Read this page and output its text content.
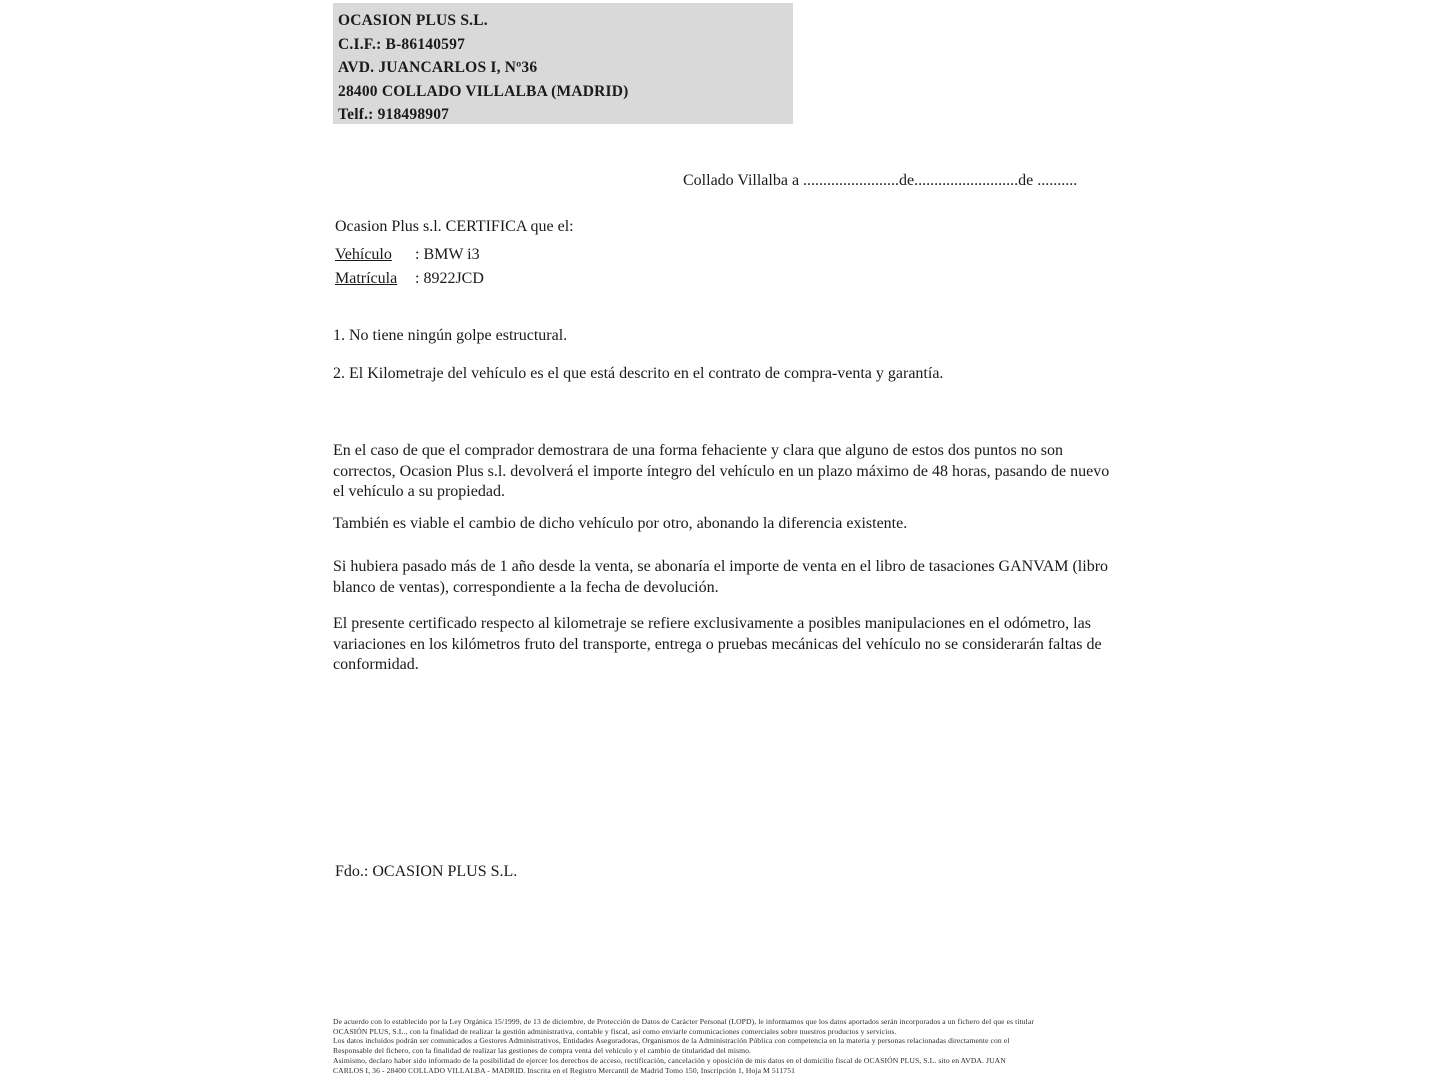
OCASION PLUS S.L.
C.I.F.: B-86140597
AVD. JUANCARLOS I, Nº36
28400 COLLADO VILLALBA (MADRID)
Telf.: 918498907
Collado Villalba a ........................de..........................de ..........
Ocasion Plus s.l. CERTIFICA que el:
Vehículo : BMW i3
Matrícula : 8922JCD
1. No tiene ningún golpe estructural.
2. El Kilometraje del vehículo es el que está descrito en el contrato de compra-venta y garantía.
En el caso de que el comprador demostrara de una forma fehaciente y clara que alguno de estos dos puntos no son correctos, Ocasion Plus s.l. devolverá el importe íntegro del vehículo en un plazo máximo de 48 horas, pasando de nuevo el vehículo a su propiedad.
También es viable el cambio de dicho vehículo por otro, abonando la diferencia existente.
Si hubiera pasado más de 1 año desde la venta, se abonaría el importe de venta en el libro de tasaciones GANVAM (libro blanco de ventas), correspondiente a la fecha de devolución.
El presente certificado respecto al kilometraje se refiere exclusivamente a posibles manipulaciones en el odómetro, las variaciones en los kilómetros fruto del transporte, entrega o pruebas mecánicas del vehículo no se considerarán faltas de conformidad.
Fdo.: OCASION PLUS S.L.
De acuerdo con lo establecido por la Ley Orgánica 15/1999, de 13 de diciembre, de Protección de Datos de Carácter Personal (LOPD), le informamos que los datos aportados serán incorporados a un fichero del que es titular
OCASIÓN PLUS, S.L., con la finalidad de realizar la gestión administrativa, contable y fiscal, así como enviarle comunicaciones comerciales sobre nuestros productos y servicios.
Los datos incluidos podrán ser comunicados a Gestores Administrativos, Entidades Aseguradoras, Organismos de la Administración Pública con competencia en la materia y personas relacionadas directamente con el
Responsable del fichero, con la finalidad de realizar las gestiones de compra venta del vehículo y el cambio de titularidad del mismo.
Asimismo, declaro haber sido informado de la posibilidad de ejercer los derechos de acceso, rectificación, cancelación y oposición de mis datos en el domicilio fiscal de OCASIÓN PLUS, S.L. sito en AVDA. JUAN
CARLOS I, 36 - 28400 COLLADO VILLALBA - MADRID. Inscrita en el Registro Mercantil de Madrid Tomo 150, Inscripción 1, Hoja M 511751
